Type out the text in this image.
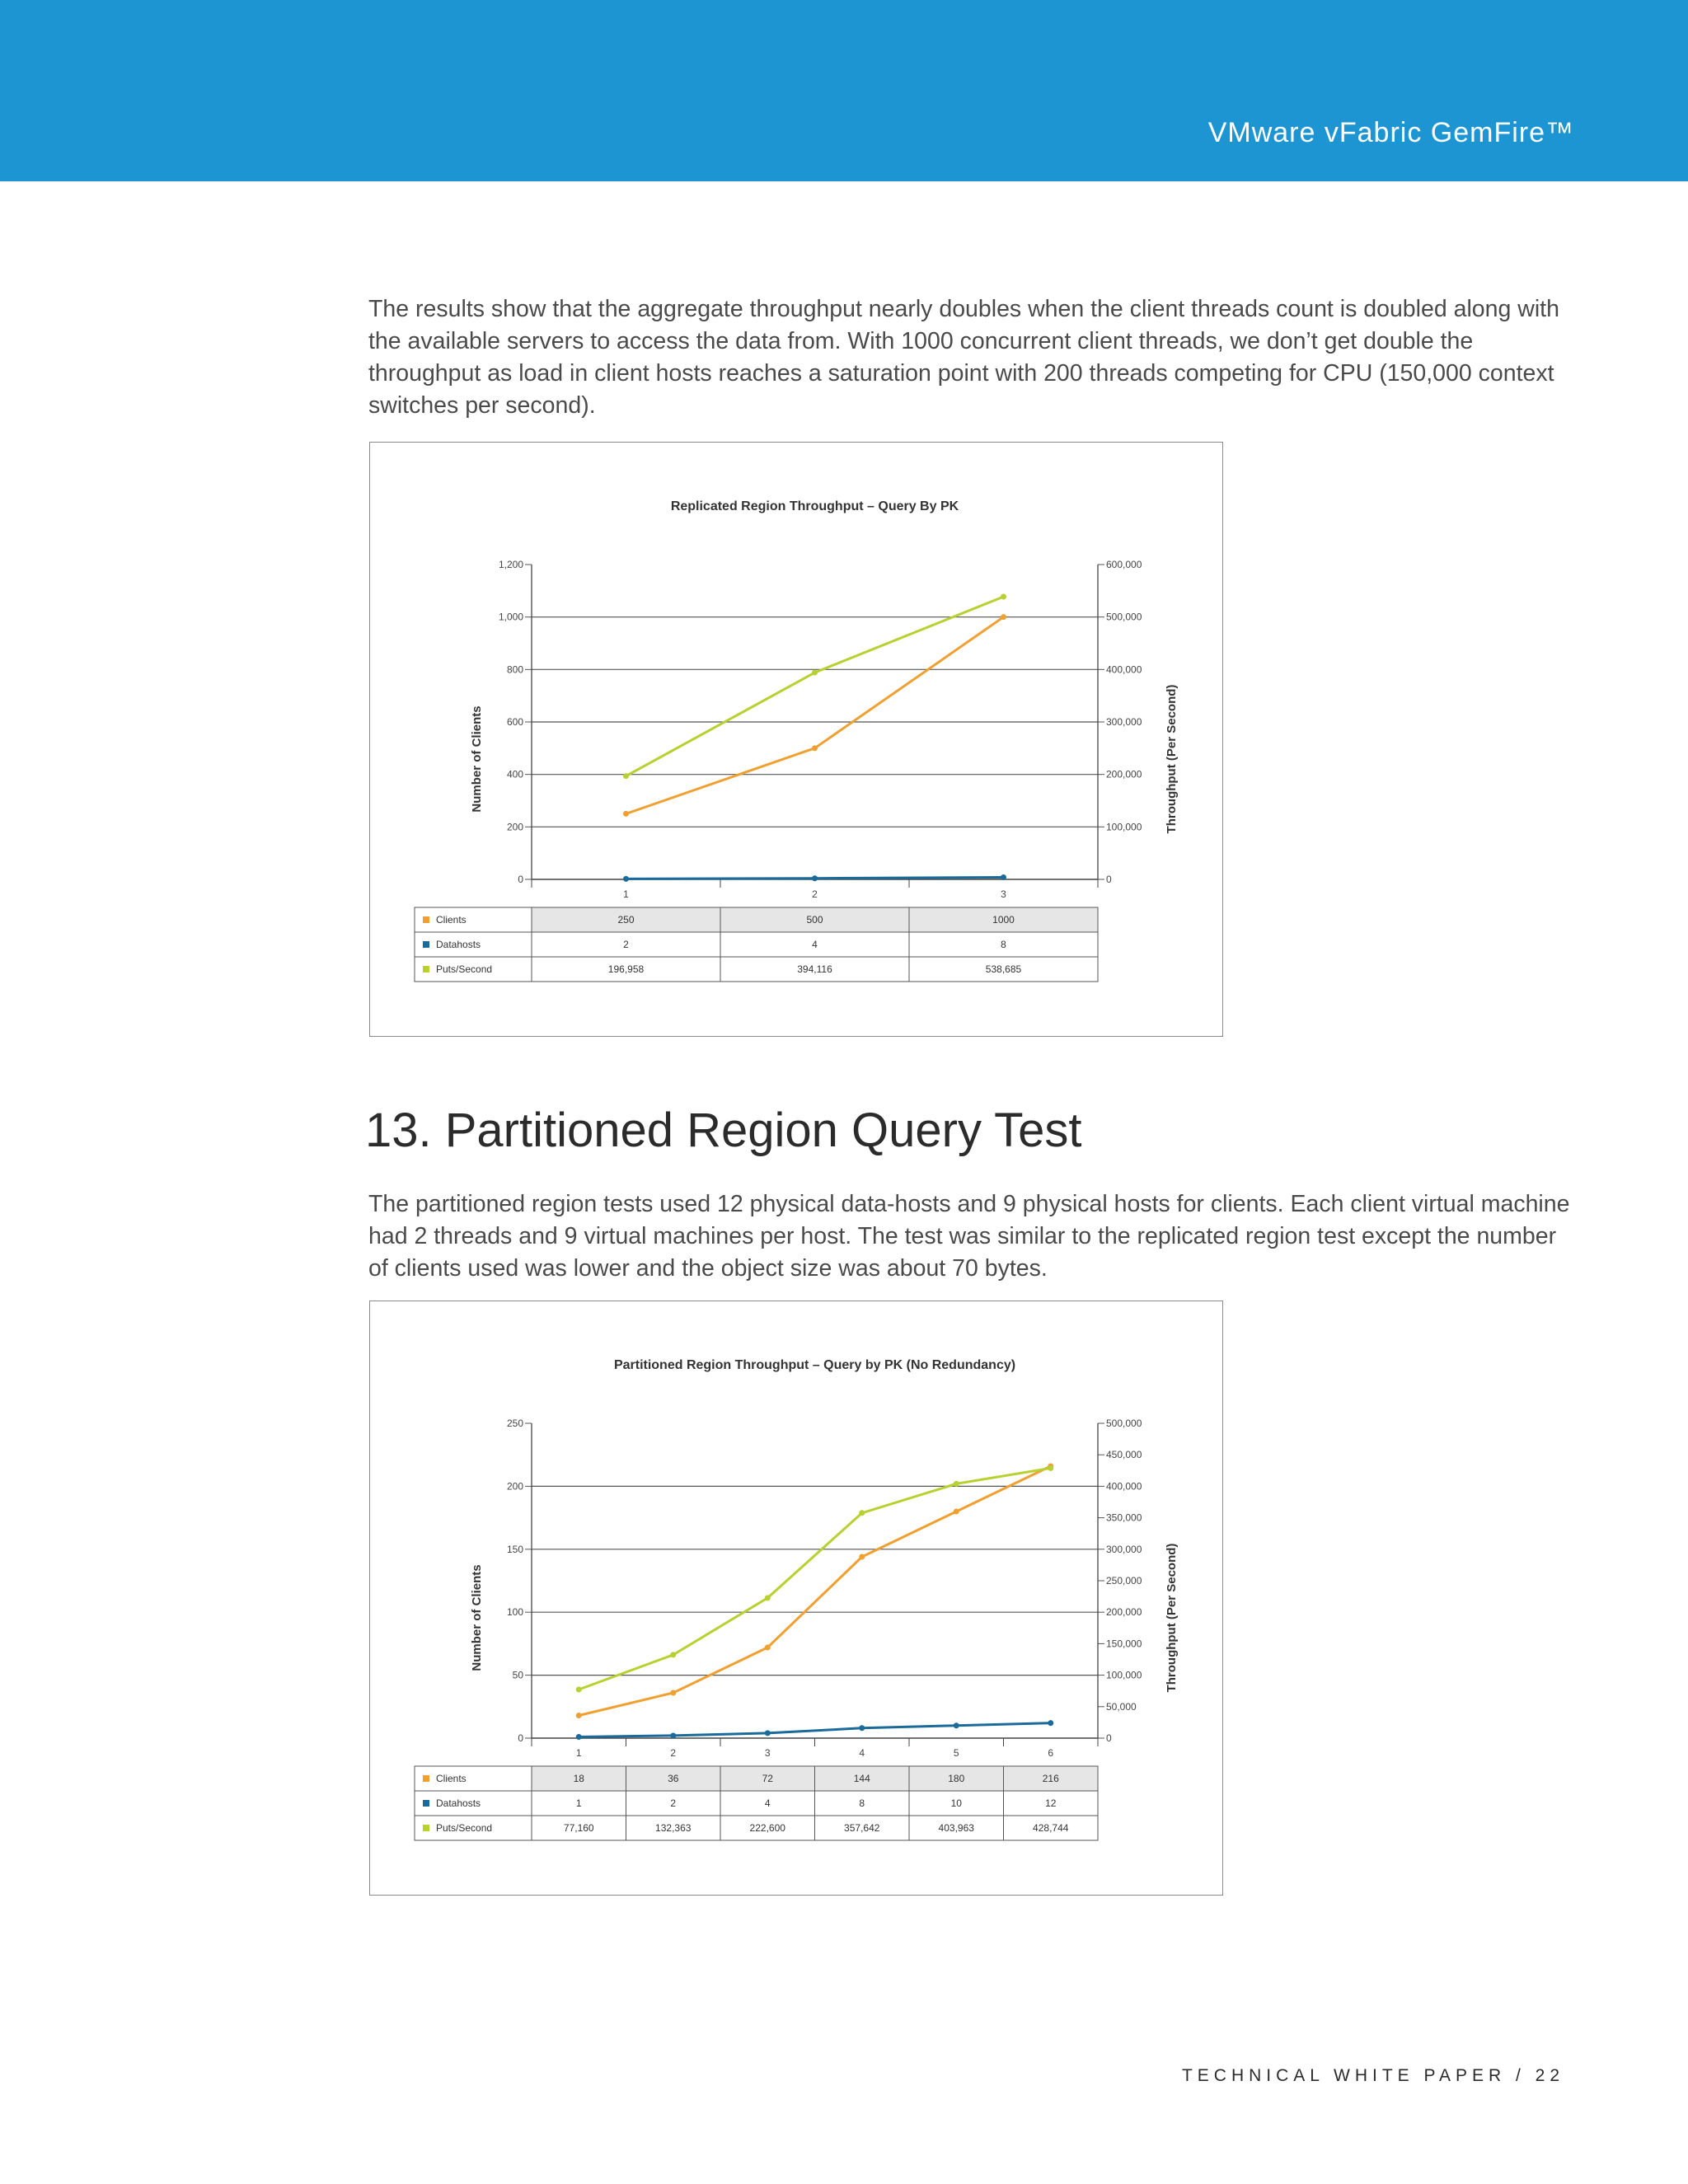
VMware vFabric GemFire™

The results show that the aggregate throughput nearly doubles when the client threads count is doubled along with the available servers to access the data from. With 1000 concurrent client threads, we don’t get double the throughput as load in client hosts reaches a saturation point with 200 threads competing for CPU (150,000 context switches per second).

Replicated Region Throughput – Query By PK
0
200
400
600
800
1,000
1,200
0
100,000
200,000
300,000
400,000
500,000
600,000
Number of Clients	Throughput (Per Second)
1	2	3
Clients	250	500	1000
Datahosts	2	4	8
Puts/Second	196,958	394,116	538,685
13. Partitioned Region Query Test

The partitioned region tests used 12 physical data-hosts and 9 physical hosts for clients. Each client virtual machine had 2 threads and 9 virtual machines per host. The test was similar to the replicated region test except the number of clients used was lower and the object size was about 70 bytes.

Partitioned Region Throughput – Query by PK (No Redundancy)
0
50
100
150
200
250
0
50,000
100,000
150,000
200,000
250,000
300,000
350,000
400,000
450,000
500,000
Number of Clients	Throughput (Per Second)
1	2	3	4	5	6
Clients	18	36	72	144	180	216
Datahosts	1	2	4	8	10	12
Puts/Second	77,160	132,363	222,600	357,642	403,963	428,744
TECHNICAL WHITE PAPER / 22
